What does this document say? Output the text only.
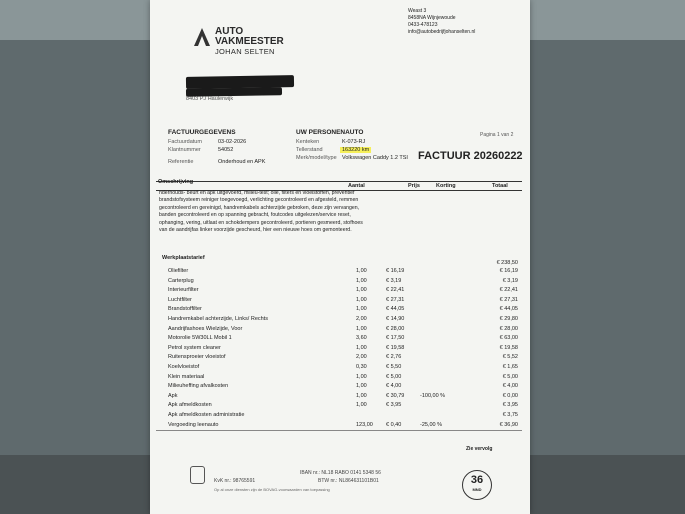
AUTO
VAKMEESTER
JOHAN SELTEN
Weast 3
8458NA Wijnjewoude
0433-478123
info@autobedrijfjohanselten.nl
8403 PJ Haulerwijk
FACTUURGEGEVENS
Factuurdatum	03-02-2026
Klantnummer	54052
Referentie	Onderhoud en APK
UW PERSONENAUTO
Kenteken	K-073-RJ
Tellerstand	163220 km
Merk/model/type Volkswagen Caddy 1.2 TSI
Pagina 1 van 2
FACTUUR 20260222
Omschrijving
Aantal	Prijs	Korting	Totaal
nderhouds- beurt en apk uitgevoerd, milieu-test; olie, filters en vloeistoffen, preventief brandstofsysteem reiniger toegevoegd, verlichting gecontroleerd en afgesteld, remmen gecontroleerd en gereinigd, handremkabels achterzijde gebroken, deze zijn vervangen, banden gecontroleerd en op spanning gebracht, foutcodes uitgelezen/service reset, ophanging, vering, uitlaat en schokdempers gecontroleerd, portieren gesmeerd, stofhoes van de aandrijfas linker voorzijde gescheurd, hier een nieuwe hoes om gemonteerd.
Werkplaatstarief
€ 238,50
Oliefilter	1,00	€ 16,19	€ 16,19
Carterplug	1,00	€ 3,19	€ 3,19
Interieurfilter	1,00	€ 22,41	€ 22,41
Luchtfilter	1,00	€ 27,31	€ 27,31
Brandstoffilter	1,00	€ 44,05	€ 44,05
Handremkabel achterzijde, Links/ Rechts	2,00	€ 14,90	€ 29,80
Aandrijfashoes Wielzijde, Voor	1,00	€ 28,00	€ 28,00
Motorolie 5W30LL Mobil 1	3,60	€ 17,50	€ 63,00
Petrol system cleaner	1,00	€ 19,58	€ 19,58
Ruitensproeier vloeistof	2,00	€ 2,76	€ 5,52
Koelvloeistof	0,30	€ 5,50	€ 1,65
Klein materiaal	1,00	€ 5,00	€ 5,00
Milieuheffing afvalkosten	1,00	€ 4,00	€ 4,00
Apk	1,00	€ 30,79	-100,00 %	€ 0,00
Apk afmeldkosten	1,00	€ 3,95	€ 3,95
Apk afmeldkosten administratie	€ 3,75
Vergoeding leenauto	123,00 € 0,40	-25,00 %	€ 36,90
Zie vervolg
IBAN nr.: NL18 RABO 0141 5348 56
BTW nr.: NL864631101B01
KvK nr.: 98765591
Op al onze diensten zijn de BOVAG-voorwaarden van toepassing
36
MND
